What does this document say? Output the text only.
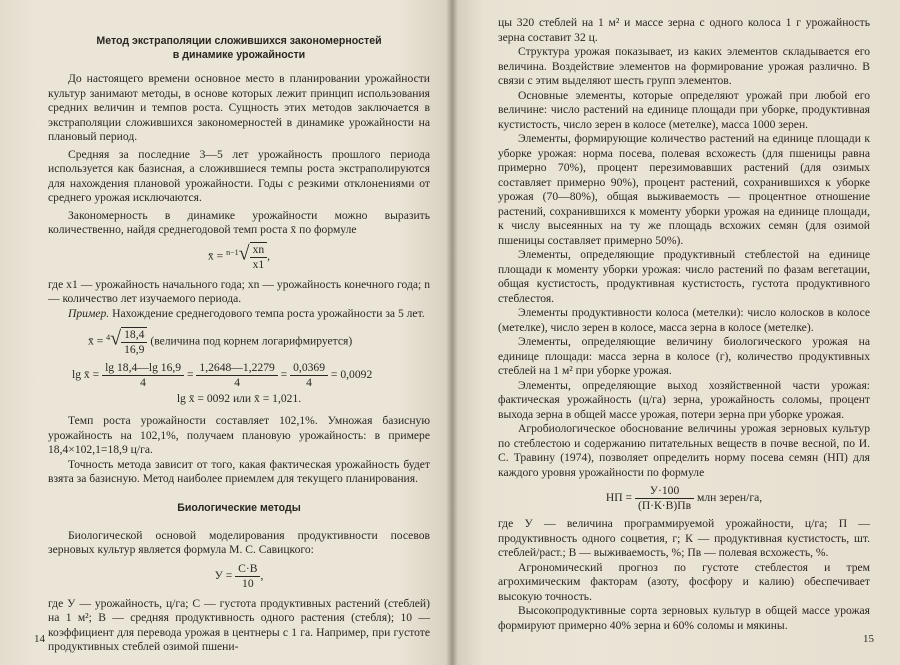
Метод экстраполяции сложившихся закономерностей
в динамике урожайности

До настоящего времени основное место в планировании урожайности культур занимают методы, в основе которых лежит принцип использования средних величин и темпов роста. Сущность этих методов заключается в экстраполяции сложившихся закономерностей в динамике урожайности на плановый период.

Средняя за последние 3—5 лет урожайность прошлого периода используется как базисная, а сложившиеся темпы роста экстраполируются для нахождения плановой урожайности. Годы с резкими отклонениями от среднего урожая исключаются.

Закономерность в динамике урожайности можно выразить количественно, найдя среднегодовой темп роста x̄ по формуле

x̄ = $^{n-1}√ \frac{xn}{x1}$ ,

где x1 — урожайность начального года; xn — урожайность конечного года; n — количество лет изучаемого периода.

Пример. Нахождение среднегодового темпа роста урожайности за 5 лет.

x̄ = $^4√ \frac{18,4}{16,9}$ (величина под корнем логарифмируется)
lg x̄ = $\frac{\lg 18,4—\lg 16,9}{4} = \frac{1,2648—1,2279}{4} = \frac{0,0369}{4} = 0,0092$
lg x̄ = 0092 или x̄ = 1,021.

Темп роста урожайности составляет 102,1%. Умножая базисную урожайность на 102,1%, получаем плановую урожайность: в примере 18,4×102,1=18,9 ц/га.

Точность метода зависит от того, какая фактическая урожайность будет взята за базисную. Метод наиболее приемлем для текущего планирования.

Биологические методы

Биологической основой моделирования продуктивности посевов зерновых культур является формула М. С. Савицкого:

$У = \frac{С\cdot В}{10}$ ,

где У — урожайность, ц/га; С — густота продуктивных растений (стеблей) на 1 м²; В — средняя продуктивность одного растения (стебля); 10 — коэффициент для перевода урожая в центнеры с 1 га. Например, при густоте продуктивных стеблей озимой пшени-

14

цы 320 стеблей на 1 м² и массе зерна с одного колоса 1 г урожайность зерна составит 32 ц.

Структура урожая показывает, из каких элементов складывается его величина. Воздействие элементов на формирование урожая различно. В связи с этим выделяют шесть групп элементов.

Основные элементы, которые определяют урожай при любой его величине: число растений на единице площади при уборке, продуктивная кустистость, число зерен в колосе (метелке), масса 1000 зерен.

Элементы, формирующие количество растений на единице площади к уборке урожая: норма посева, полевая всхожесть (для пшеницы равна примерно 70%), процент перезимовавших растений (для озимых составляет примерно 90%), процент растений, сохранившихся к уборке урожая (70—80%), общая выживаемость — процентное отношение растений, сохранившихся к моменту уборки урожая на единице площади, к числу высеянных на ту же площадь всхожих семян (для озимой пшеницы составляет примерно 50%).

Элементы, определяющие продуктивный стеблестой на единице площади к моменту уборки урожая: число растений по фазам вегетации, общая кустистость, продуктивная кустистость, густота продуктивного стеблестоя.

Элементы продуктивности колоса (метелки): число колосков в колосе (метелке), число зерен в колосе, масса зерна в колосе (метелке).

Элементы, определяющие величину биологического урожая на единице площади: масса зерна в колосе (г), количество продуктивных стеблей на 1 м² при уборке урожая.

Элементы, определяющие выход хозяйственной части урожая: фактическая урожайность (ц/га) зерна, урожайность соломы, процент выхода зерна в общей массе урожая, потери зерна при уборке урожая.

Агробиологическое обоснование величины урожая зерновых культур по стеблестою и содержанию питательных веществ в почве весной, по И. С. Травину (1974), позволяет определить норму посева семян (НП) для каждого уровня урожайности по формуле

НП = $\frac{У\cdot 100}{(П\cdot К\cdot В)Пв}$ млн зерен/га,

где У — величина программируемой урожайности, ц/га; П — продуктивность одного соцветия, г; К — продуктивная кустистость, шт. стеблей/раст.; В — выживаемость, %; Пв — полевая всхожесть, %.

Агрономический прогноз по густоте стеблестоя и трем агрохимическим факторам (азоту, фосфору и калию) обеспечивает высокую точность.

Высокопродуктивные сорта зерновых культур в общей массе урожая формируют примерно 40% зерна и 60% соломы и мякины.

15
